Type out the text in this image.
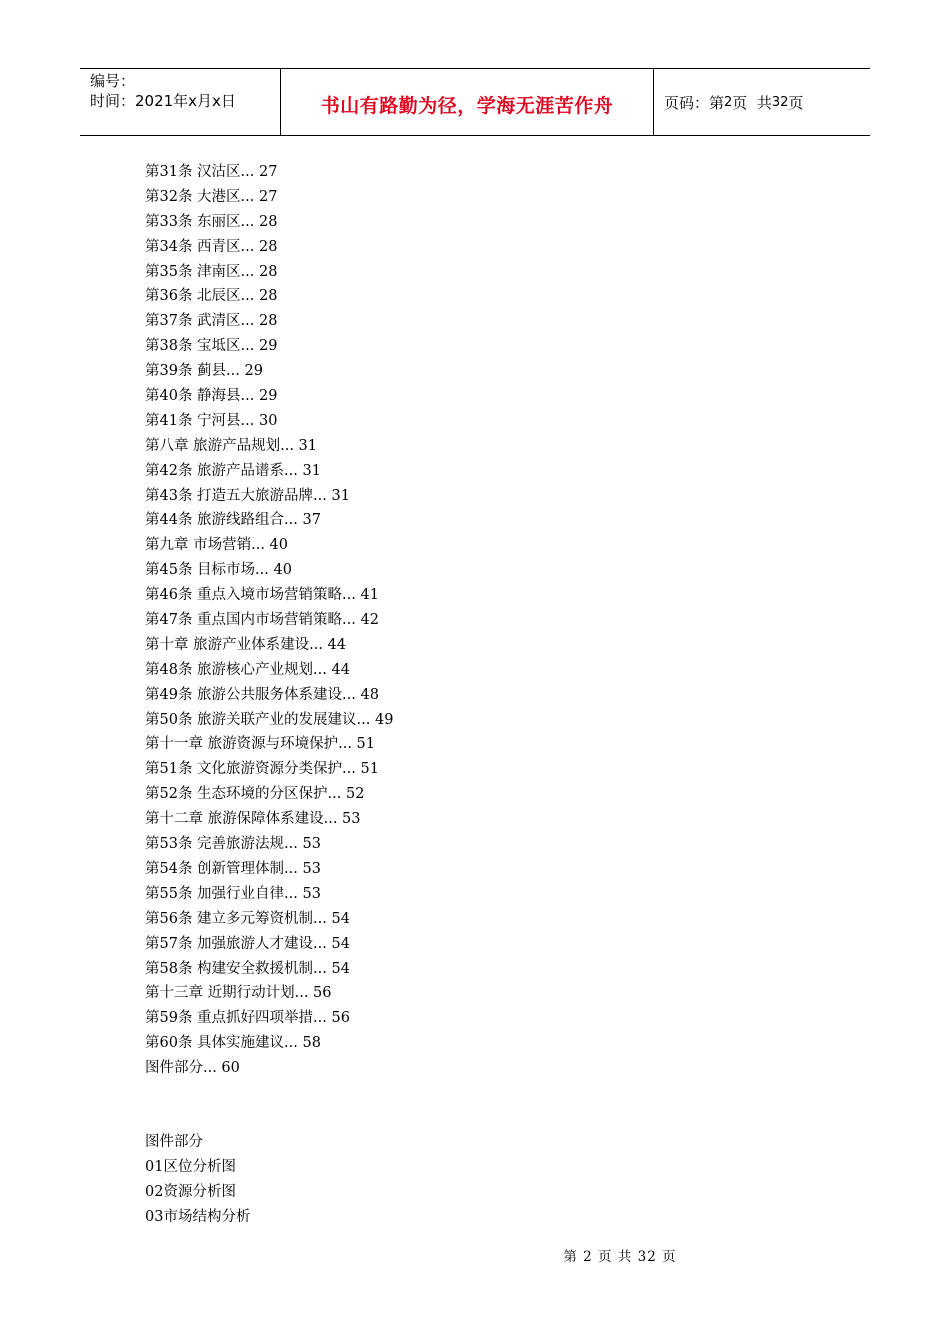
编号：
时间：2021年x月x日	书山有路勤为径，学海无涯苦作舟	页码：第 2 页  共 32 页
第31条 汉沽区... 27
第32条 大港区... 27
第33条 东丽区... 28
第34条 西青区... 28
第35条 津南区... 28
第36条 北辰区... 28
第37条 武清区... 28
第38条 宝坻区... 29
第39条 蓟县... 29
第40条 静海县... 29
第41条 宁河县... 30
第八章 旅游产品规划... 31
第42条 旅游产品谱系... 31
第43条 打造五大旅游品牌... 31
第44条 旅游线路组合... 37
第九章 市场营销... 40
第45条 目标市场... 40
第46条 重点入境市场营销策略... 41
第47条 重点国内市场营销策略... 42
第十章 旅游产业体系建设... 44
第48条 旅游核心产业规划... 44
第49条 旅游公共服务体系建设... 48
第50条 旅游关联产业的发展建议... 49
第十一章 旅游资源与环境保护... 51
第51条 文化旅游资源分类保护... 51
第52条 生态环境的分区保护... 52
第十二章 旅游保障体系建设... 53
第53条 完善旅游法规... 53
第54条 创新管理体制... 53
第55条 加强行业自律... 53
第56条 建立多元筹资机制... 54
第57条 加强旅游人才建设... 54
第58条 构建安全救援机制... 54
第十三章 近期行动计划... 56
第59条 重点抓好四项举措... 56
第60条 具体实施建议... 58
图件部分... 60
图件部分
01区位分析图
02资源分析图
03市场结构分析
第 2 页 共 32 页
